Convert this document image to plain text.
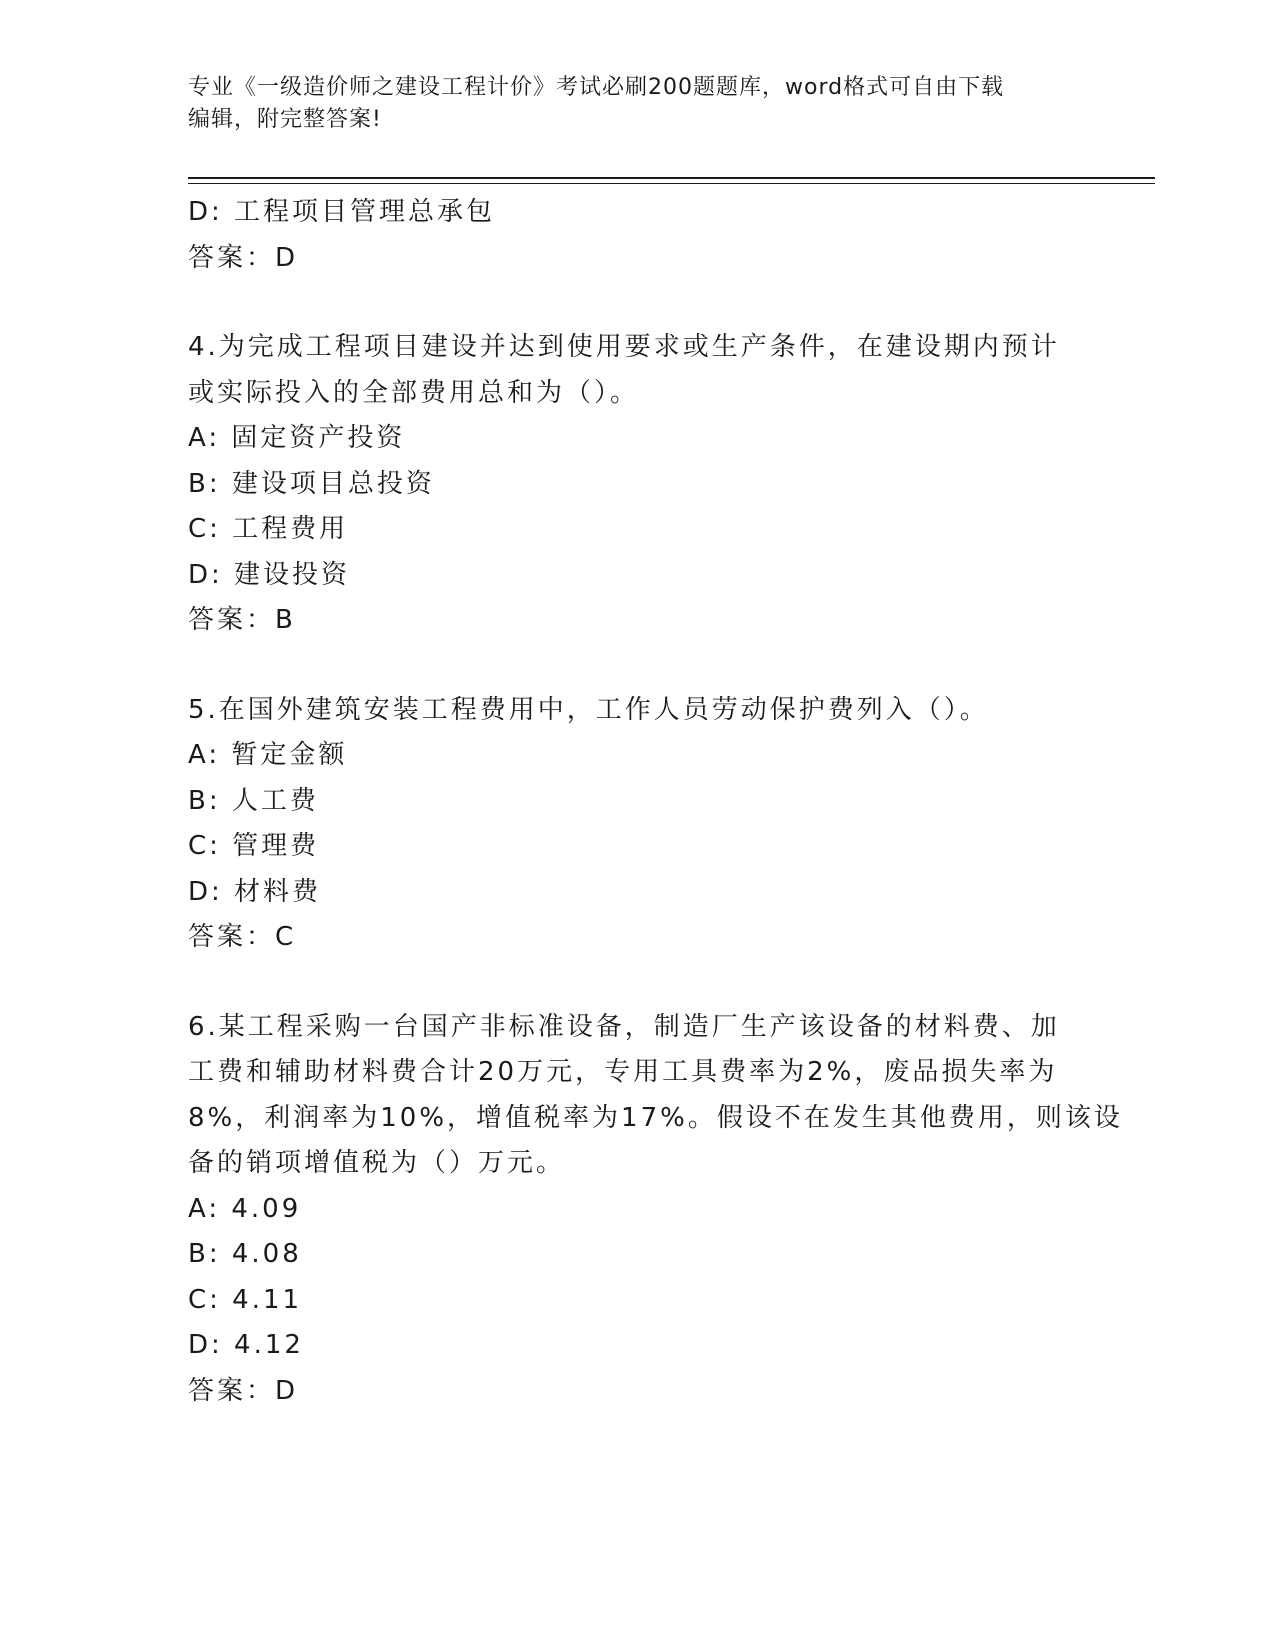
专业《一级造价师之建设工程计价》考试必刷200题题库，word格式可自由下载
编辑，附完整答案!
D: 工程项目管理总承包
答案：D
4.为完成工程项目建设并达到使用要求或生产条件，在建设期内预计
或实际投入的全部费用总和为（）。
A: 固定资产投资
B: 建设项目总投资
C: 工程费用
D: 建设投资
答案：B
5.在国外建筑安装工程费用中，工作人员劳动保护费列入（）。
A: 暂定金额
B: 人工费
C: 管理费
D: 材料费
答案：C
6.某工程采购一台国产非标准设备，制造厂生产该设备的材料费、加
工费和辅助材料费合计20万元，专用工具费率为2%，废品损失率为
8%，利润率为10%，增值税率为17%。假设不在发生其他费用，则该设
备的销项增值税为（）万元。
A: 4.09
B: 4.08
C: 4.11
D: 4.12
答案：D
